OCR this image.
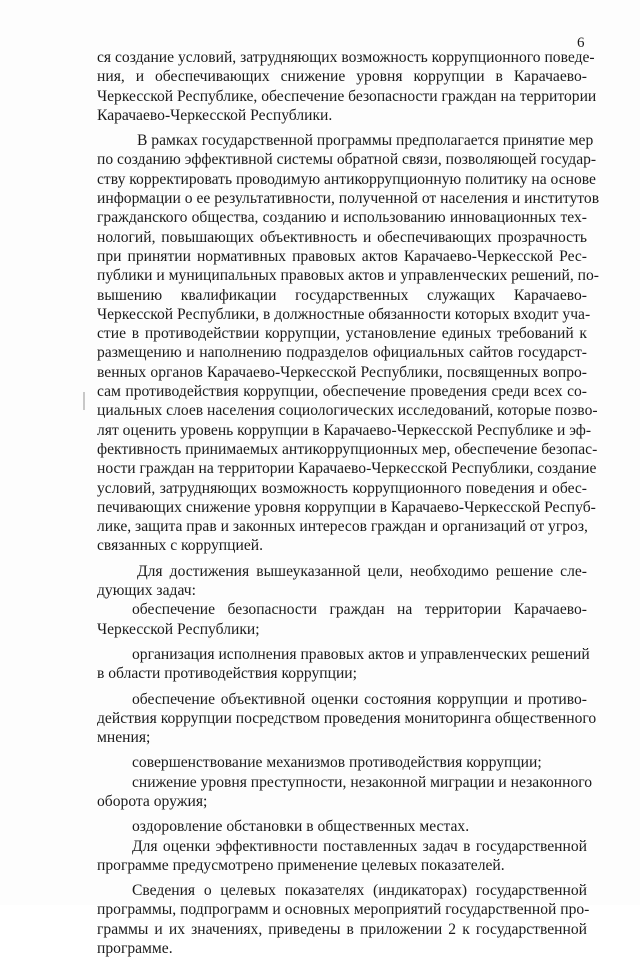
6
ся создание условий, затрудняющих возможность коррупционного поведе-
ния, и обеспечивающих снижение уровня коррупции в Карачаево-
Черкесской Республике, обеспечение безопасности граждан на территории
Карачаево-Черкесской Республики.
В рамках государственной программы предполагается принятие мер
по созданию эффективной системы обратной связи, позволяющей государ-
ству корректировать проводимую антикоррупционную политику на основе
информации о ее результативности, полученной от населения и институтов
гражданского общества, созданию и использованию инновационных тех-
нологий, повышающих объективность и обеспечивающих прозрачность
при принятии нормативных правовых актов Карачаево-Черкесской Рес-
публики и муниципальных правовых актов и управленческих решений, по-
вышению квалификации государственных служащих Карачаево-
Черкесской Республики, в должностные обязанности которых входит уча-
стие в противодействии коррупции, установление единых требований к
размещению и наполнению подразделов официальных сайтов государст-
венных органов Карачаево-Черкесской Республики, посвященных вопро-
сам противодействия коррупции, обеспечение проведения среди всех со-
циальных слоев населения социологических исследований, которые позво-
лят оценить уровень коррупции в Карачаево-Черкесской Республике и эф-
фективность принимаемых антикоррупционных мер, обеспечение безопас-
ности граждан на территории Карачаево-Черкесской Республики, создание
условий, затрудняющих возможность коррупционного поведения и обес-
печивающих снижение уровня коррупции в Карачаево-Черкесской Респуб-
лике, защита прав и законных интересов граждан и организаций от угроз,
связанных с коррупцией.
Для достижения вышеуказанной цели, необходимо решение сле-
дующих задач:
обеспечение безопасности граждан на территории Карачаево-
Черкесской Республики;
организация исполнения правовых актов и управленческих решений
в области противодействия коррупции;
обеспечение объективной оценки состояния коррупции и противо-
действия коррупции посредством проведения мониторинга общественного
мнения;
совершенствование механизмов противодействия коррупции;
снижение уровня преступности, незаконной миграции и незаконного
оборота оружия;
оздоровление обстановки в общественных местах.
Для оценки эффективности поставленных задач в государственной
программе предусмотрено применение целевых показателей.
Сведения о целевых показателях (индикаторах) государственной
программы, подпрограмм и основных мероприятий государственной про-
граммы и их значениях, приведены в приложении 2 к государственной
программе.
